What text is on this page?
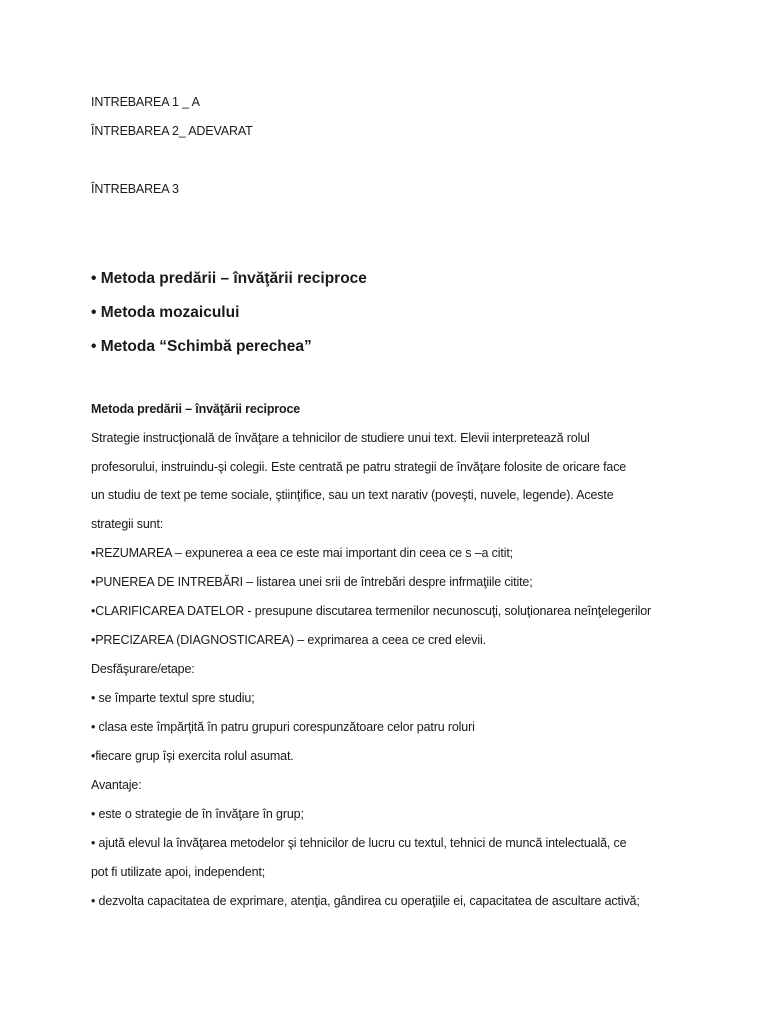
INTREBAREA 1 _ A
ÎNTREBAREA 2_ ADEVARAT
ÎNTREBAREA 3
• Metoda predării – învăţării reciproce
• Metoda mozaicului
• Metoda “Schimbă perechea”
Metoda predării – învăţării reciproce
Strategie instrucţională de învăţare a tehnicilor de studiere unui text. Elevii interpretează rolul
profesorului, instruindu-şi colegii. Este centrată pe patru strategii de învăţare folosite de oricare face
un studiu de text pe teme sociale, ştiinţifice, sau un text narativ (poveşti, nuvele, legende). Aceste
strategii sunt:
•REZUMAREA – expunerea a eea ce este mai important din ceea ce s –a citit;
•PUNEREA DE INTREBĂRI – listarea unei srii de întrebări despre infrmaţiile citite;
•CLARIFICAREA DATELOR - presupune discutarea termenilor necunoscuţi, soluţionarea neînţelegerilor
•PRECIZAREA (DIAGNOSTICAREA) – exprimarea a ceea ce cred elevii.
Desfăşurare/etape:
• se împarte textul spre studiu;
• clasa este împărţită în patru grupuri corespunzătoare celor patru roluri
•fiecare grup îşi exercita rolul asumat.
Avantaje:
• este o strategie de în învăţare în grup;
• ajută elevul la învăţarea metodelor şi tehnicilor de lucru cu textul, tehnici de muncă intelectuală, ce
pot fi utilizate apoi, independent;
• dezvolta capacitatea de exprimare, atenţia, gândirea cu operaţiile ei, capacitatea de ascultare activă;
